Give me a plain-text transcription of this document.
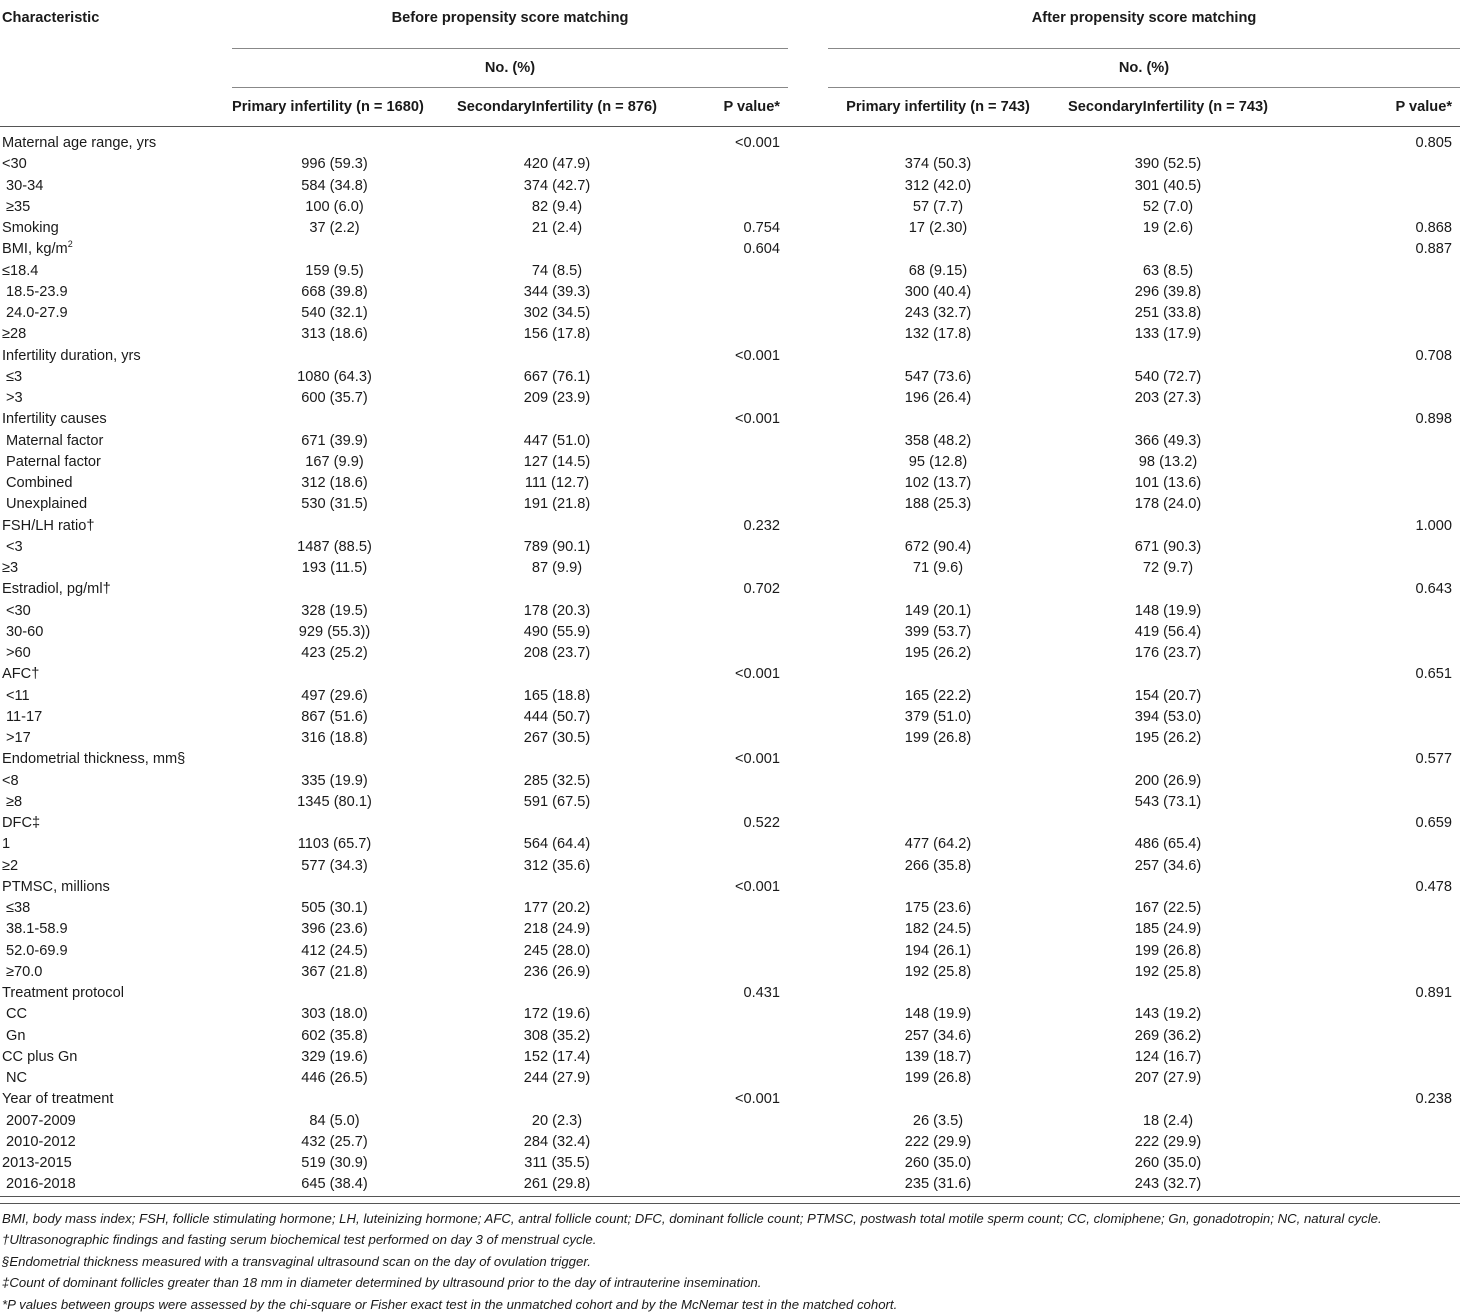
Characteristic	Before propensity score matching				After propensity score matching		
	No. (%)				No. (%)		
	Primary infertility (n = 1680)	SecondaryInfertility (n = 876)	P value*		Primary infertility (n = 743)	SecondaryInfertility (n = 743)	P value*
Maternal age range, yrs			<0.001				0.805
<30	996 (59.3)	420 (47.9)			374 (50.3)	390 (52.5)	
30-34	584 (34.8)	374 (42.7)			312 (42.0)	301 (40.5)	
≥35	100 (6.0)	82 (9.4)			57 (7.7)	52 (7.0)	
Smoking	37 (2.2)	21 (2.4)	0.754		17 (2.30)	19 (2.6)	0.868
BMI, $kg/m^2$			0.604				0.887
≤18.4	159 (9.5)	74 (8.5)			68 (9.15)	63 (8.5)	
18.5-23.9	668 (39.8)	344 (39.3)			300 (40.4)	296 (39.8)	
24.0-27.9	540 (32.1)	302 (34.5)			243 (32.7)	251 (33.8)	
≥28	313 (18.6)	156 (17.8)			132 (17.8)	133 (17.9)	
Infertility duration, yrs			<0.001				0.708
≤3	1080 (64.3)	667 (76.1)			547 (73.6)	540 (72.7)	
>3	600 (35.7)	209 (23.9)			196 (26.4)	203 (27.3)	
Infertility causes			<0.001				0.898
Maternal factor	671 (39.9)	447 (51.0)			358 (48.2)	366 (49.3)	
Paternal factor	167 (9.9)	127 (14.5)			95 (12.8)	98 (13.2)	
Combined	312 (18.6)	111 (12.7)			102 (13.7)	101 (13.6)	
Unexplained	530 (31.5)	191 (21.8)			188 (25.3)	178 (24.0)	
FSH/LH ratio†			0.232				1.000
<3	1487 (88.5)	789 (90.1)			672 (90.4)	671 (90.3)	
≥3	193 (11.5)	87 (9.9)			71 (9.6)	72 (9.7)	
Estradiol, pg/ml†			0.702				0.643
<30	328 (19.5)	178 (20.3)			149 (20.1)	148 (19.9)	
30-60	929 (55.3))	490 (55.9)			399 (53.7)	419 (56.4)	
>60	423 (25.2)	208 (23.7)			195 (26.2)	176 (23.7)	
AFC†			<0.001				0.651
<11	497 (29.6)	165 (18.8)			165 (22.2)	154 (20.7)	
11-17	867 (51.6)	444 (50.7)			379 (51.0)	394 (53.0)	
>17	316 (18.8)	267 (30.5)			199 (26.8)	195 (26.2)	
Endometrial thickness, mm§			<0.001				0.577
<8	335 (19.9)	285 (32.5)				200 (26.9)	
≥8	1345 (80.1)	591 (67.5)				543 (73.1)	
DFC‡			0.522				0.659
1	1103 (65.7)	564 (64.4)			477 (64.2)	486 (65.4)	
≥2	577 (34.3)	312 (35.6)			266 (35.8)	257 (34.6)	
PTMSC, millions			<0.001				0.478
≤38	505 (30.1)	177 (20.2)			175 (23.6)	167 (22.5)	
38.1-58.9	396 (23.6)	218 (24.9)			182 (24.5)	185 (24.9)	
52.0-69.9	412 (24.5)	245 (28.0)			194 (26.1)	199 (26.8)	
≥70.0	367 (21.8)	236 (26.9)			192 (25.8)	192 (25.8)	
Treatment protocol			0.431				0.891
CC	303 (18.0)	172 (19.6)			148 (19.9)	143 (19.2)	
Gn	602 (35.8)	308 (35.2)			257 (34.6)	269 (36.2)	
CC plus Gn	329 (19.6)	152 (17.4)			139 (18.7)	124 (16.7)	
NC	446 (26.5)	244 (27.9)			199 (26.8)	207 (27.9)	
Year of treatment			<0.001				0.238
2007-2009	84 (5.0)	20 (2.3)			26 (3.5)	18 (2.4)	
2010-2012	432 (25.7)	284 (32.4)			222 (29.9)	222 (29.9)	
2013-2015	519 (30.9)	311 (35.5)			260 (35.0)	260 (35.0)	
2016-2018	645 (38.4)	261 (29.8)			235 (31.6)	243 (32.7)	
BMI, body mass index; FSH, follicle stimulating hormone; LH, luteinizing hormone; AFC, antral follicle count; DFC, dominant follicle count; PTMSC, postwash total motile sperm count; CC, clomiphene; Gn, gonadotropin; NC, natural cycle.
†Ultrasonographic findings and fasting serum biochemical test performed on day 3 of menstrual cycle.
§Endometrial thickness measured with a transvaginal ultrasound scan on the day of ovulation trigger.
‡Count of dominant follicles greater than 18 mm in diameter determined by ultrasound prior to the day of intrauterine insemination.
*P values between groups were assessed by the chi-square or Fisher exact test in the unmatched cohort and by the McNemar test in the matched cohort.
